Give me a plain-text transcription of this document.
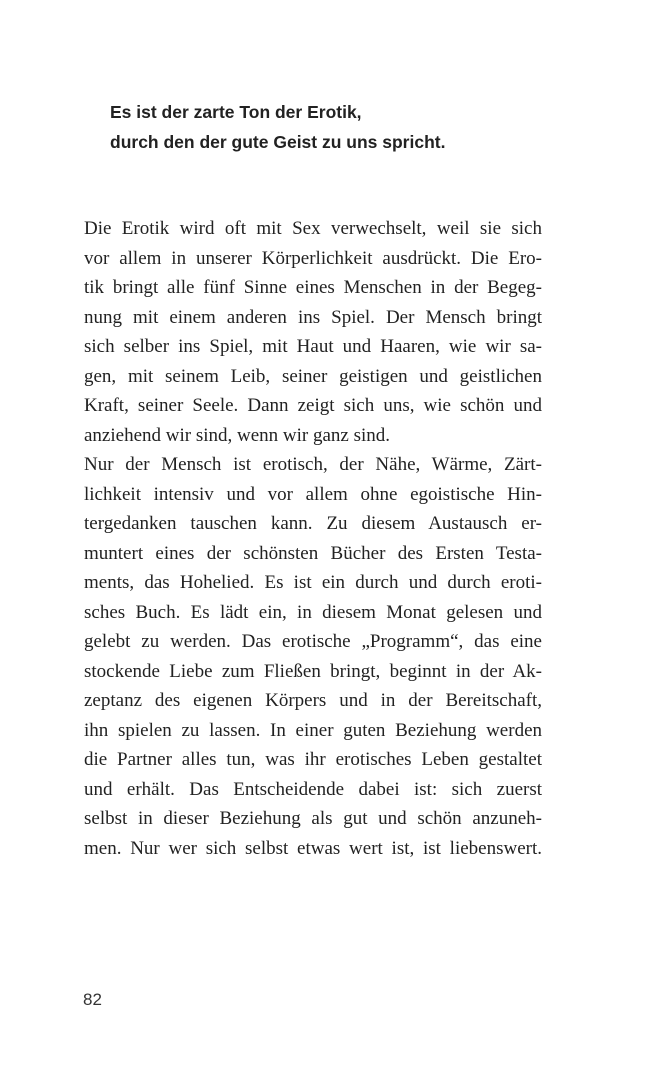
Es ist der zarte Ton der Erotik,
durch den der gute Geist zu uns spricht.
Die Erotik wird oft mit Sex verwechselt, weil sie sich
vor allem in unserer Körperlichkeit ausdrückt. Die Ero-
tik bringt alle fünf Sinne eines Menschen in der Begeg-
nung mit einem anderen ins Spiel. Der Mensch bringt
sich selber ins Spiel, mit Haut und Haaren, wie wir sa-
gen, mit seinem Leib, seiner geistigen und geistlichen
Kraft, seiner Seele. Dann zeigt sich uns, wie schön und
anziehend wir sind, wenn wir ganz sind.
Nur der Mensch ist erotisch, der Nähe, Wärme, Zärt-
lichkeit intensiv und vor allem ohne egoistische Hin-
tergedanken tauschen kann. Zu diesem Austausch er-
muntert eines der schönsten Bücher des Ersten Testa-
ments, das Hohelied. Es ist ein durch und durch eroti-
sches Buch. Es lädt ein, in diesem Monat gelesen und
gelebt zu werden. Das erotische „Programm“, das eine
stockende Liebe zum Fließen bringt, beginnt in der Ak-
zeptanz des eigenen Körpers und in der Bereitschaft,
ihn spielen zu lassen. In einer guten Beziehung werden
die Partner alles tun, was ihr erotisches Leben gestaltet
und erhält. Das Entscheidende dabei ist: sich zuerst
selbst in dieser Beziehung als gut und schön anzuneh-
men. Nur wer sich selbst etwas wert ist, ist liebenswert.
82
